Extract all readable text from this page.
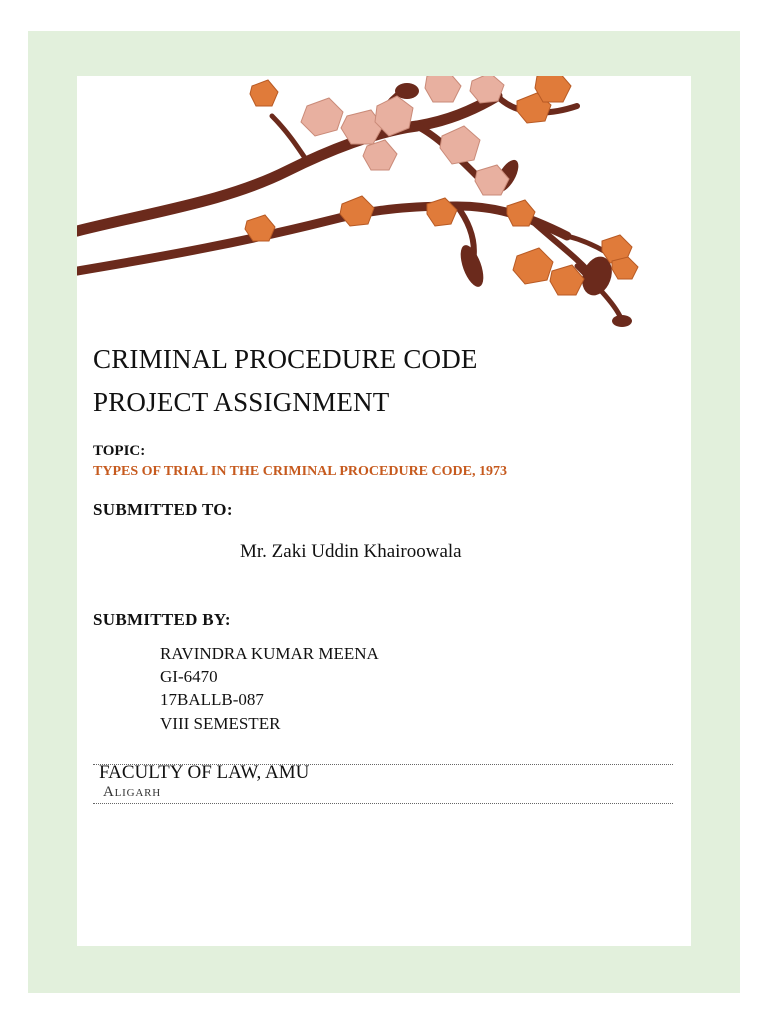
CRIMINAL PROCEDURE CODE
PROJECT ASSIGNMENT
TOPIC:
TYPES OF TRIAL IN THE CRIMINAL PROCEDURE CODE, 1973
SUBMITTED TO:
Mr. Zaki Uddin Khairoowala
SUBMITTED BY:
RAVINDRA KUMAR MEENA
GI-6470
17BALLB-087
VIII SEMESTER
FACULTY OF LAW, AMU
Aligarh
